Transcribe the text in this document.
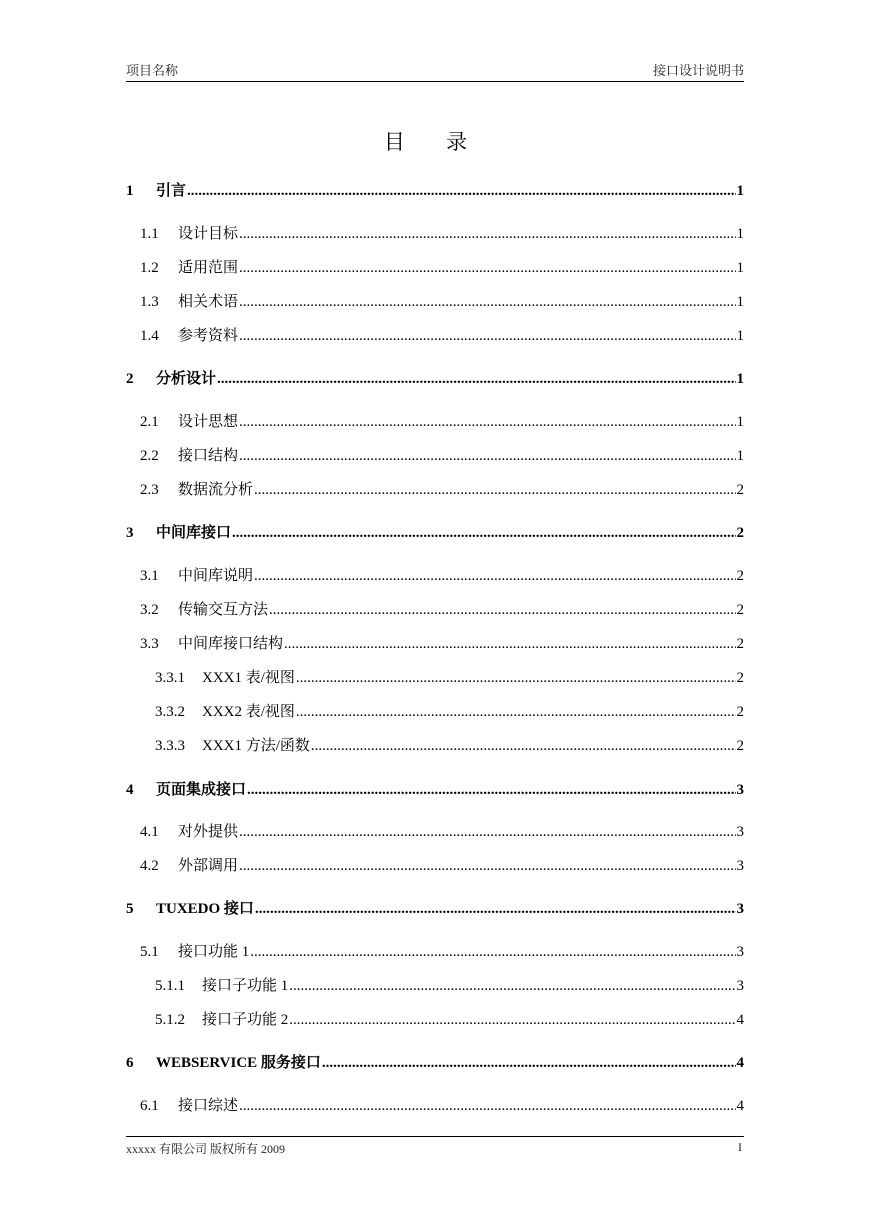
项目名称	接口设计说明书
目 录
1	引言 .....	1
1.1	设计目标 .....	1
1.2	适用范围 .....	1
1.3	相关术语 .....	1
1.4	参考资料 .....	1
2	分析设计 .....	1
2.1	设计思想 .....	1
2.2	接口结构 .....	1
2.3	数据流分析 .....	2
3	中间库接口 .....	2
3.1	中间库说明 .....	2
3.2	传输交互方法 .....	2
3.3	中间库接口结构 .....	2
3.3.1	XXX1 表/视图 .....	2
3.3.2	XXX2 表/视图 .....	2
3.3.3	XXX1 方法/函数 .....	2
4	页面集成接口 .....	3
4.1	对外提供 .....	3
4.2	外部调用 .....	3
5	TUXEDO 接口 .....	3
5.1	接口功能 1 .....	3
5.1.1	接口子功能 1 .....	3
5.1.2	接口子功能 2 .....	4
6	WEBSERVICE 服务接口 .....	4
6.1	接口综述 .....	4
xxxxx 有限公司 版权所有 2009	I
